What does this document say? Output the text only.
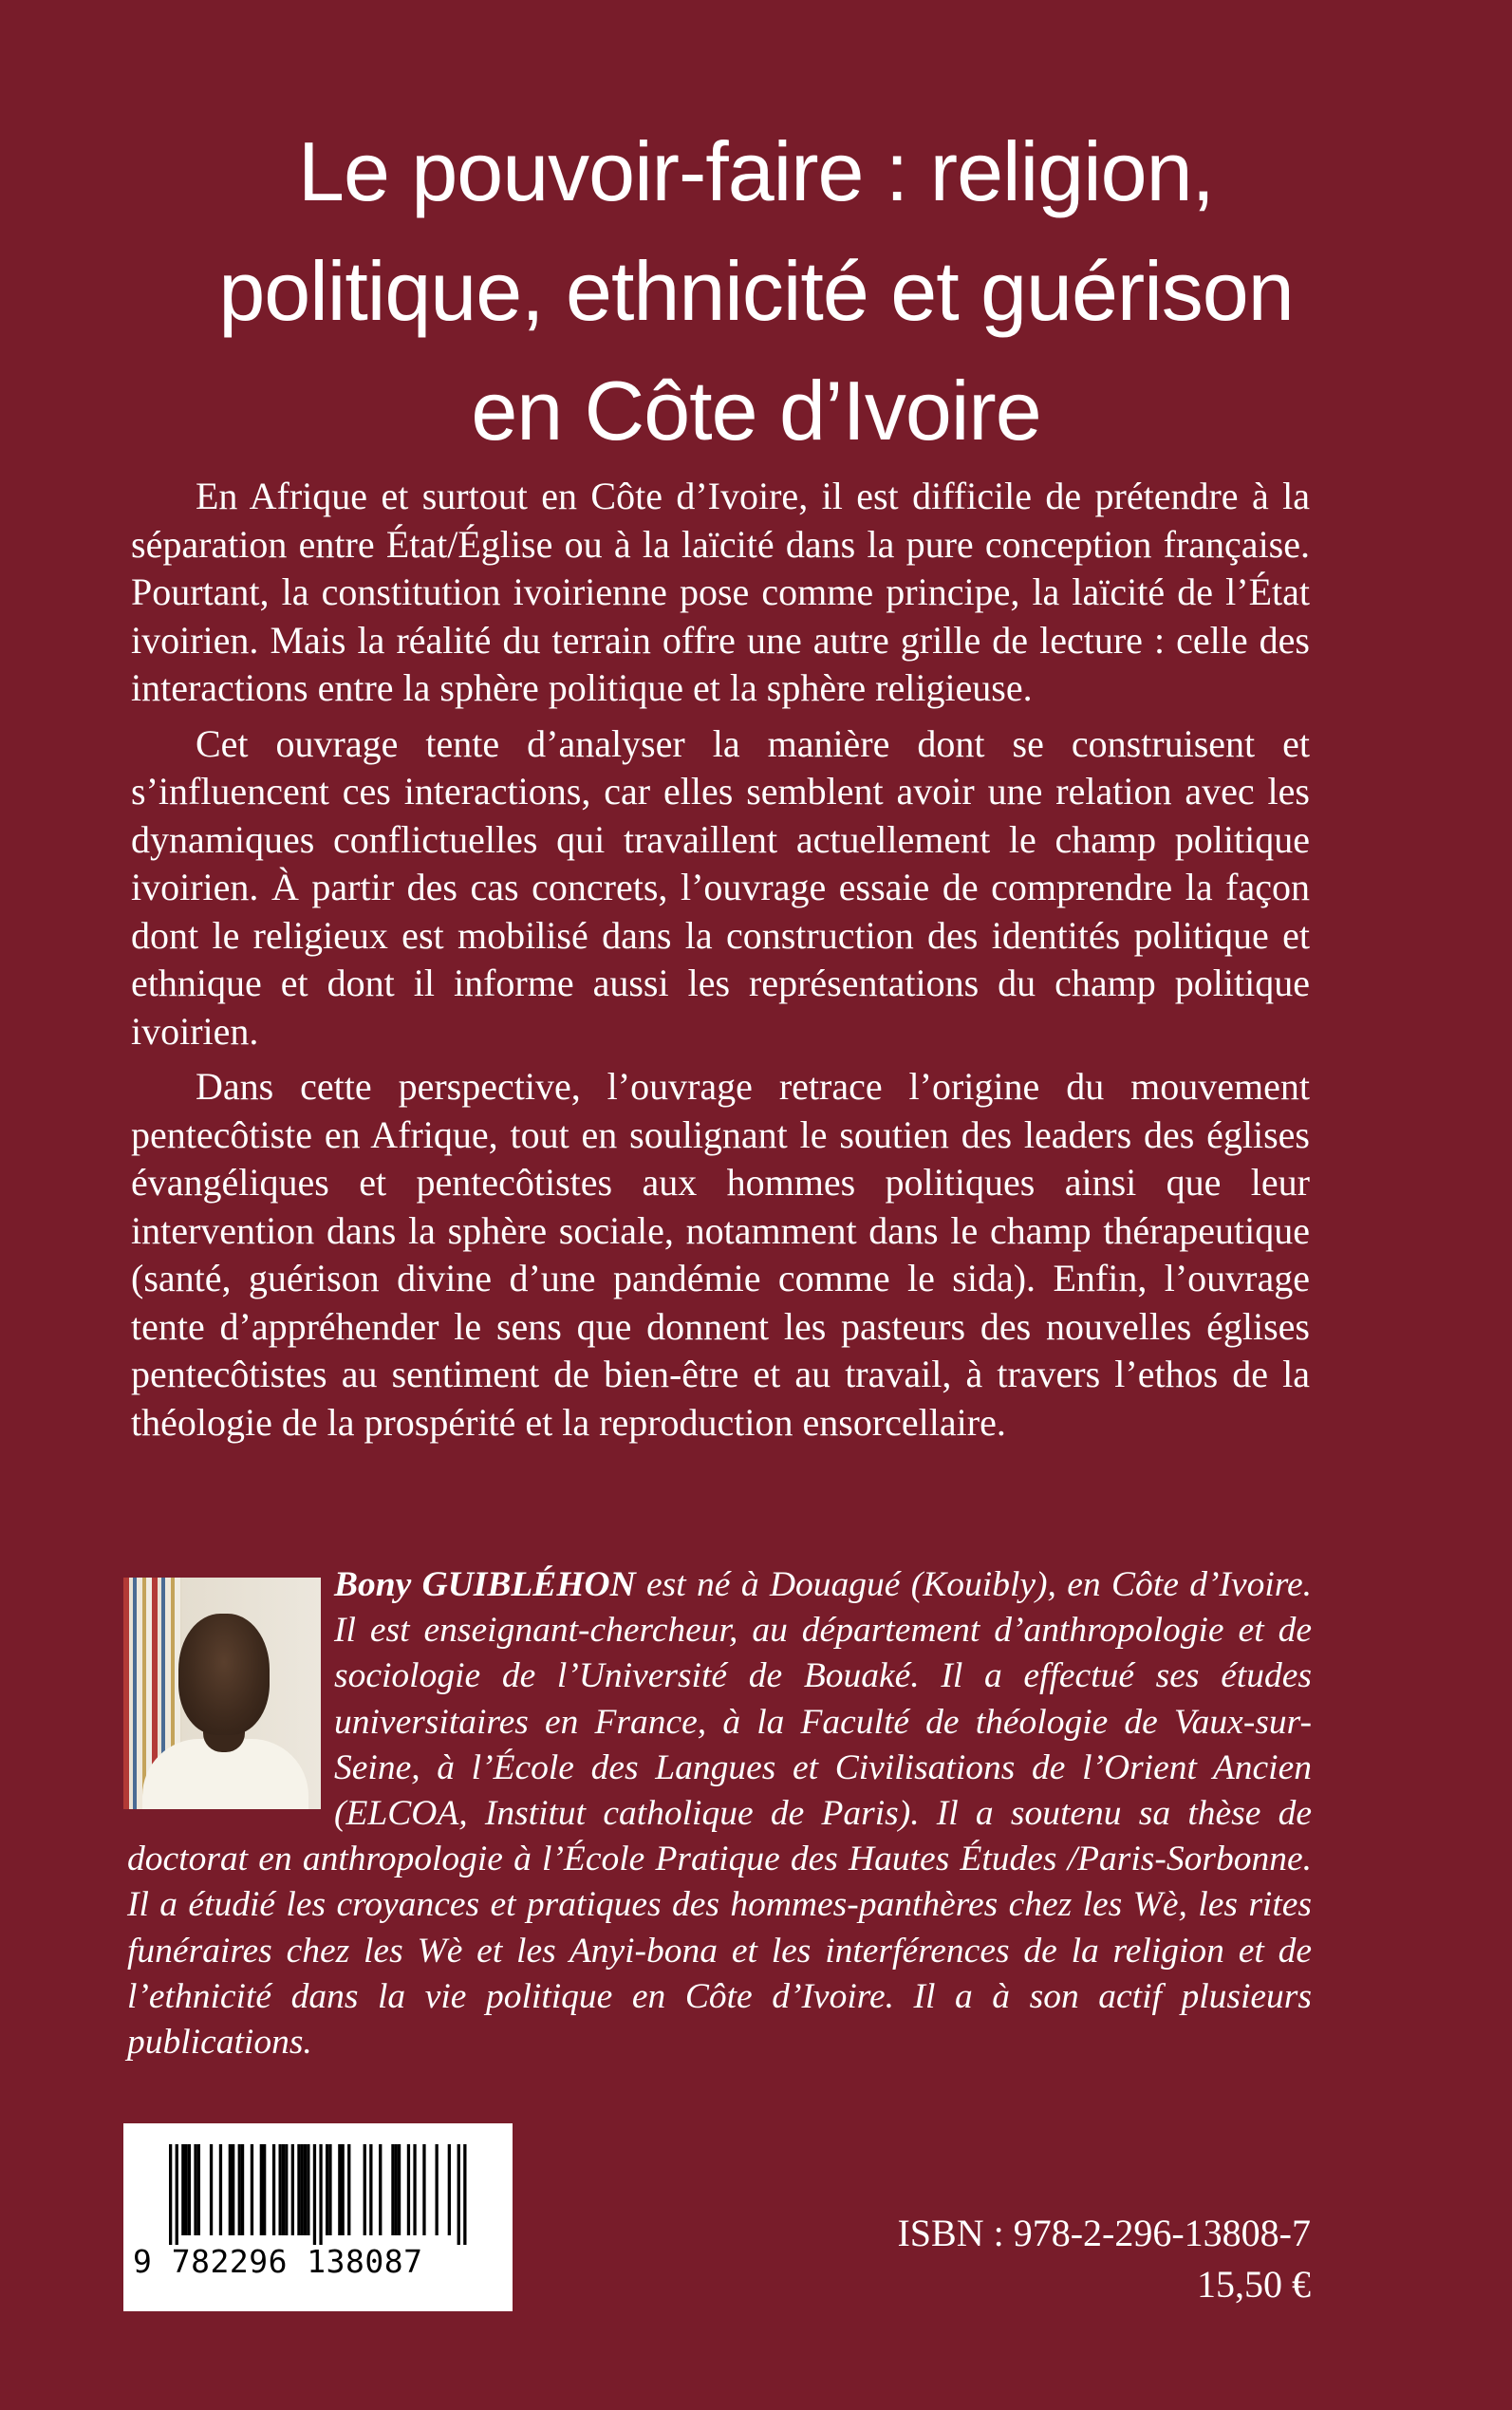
Le pouvoir-faire : religion,
politique, ethnicité et guérison
en Côte d’Ivoire

En Afrique et surtout en Côte d’Ivoire, il est difficile de prétendre à la séparation entre État/Église ou à la laïcité dans la pure conception française. Pourtant, la constitution ivoirienne pose comme principe, la laïcité de l’État ivoirien. Mais la réalité du terrain offre une autre grille de lecture : celle des interactions entre la sphère politique et la sphère religieuse.

Cet ouvrage tente d’analyser la manière dont se construisent et s’influencent ces interactions, car elles semblent avoir une relation avec les dynamiques conflictuelles qui travaillent actuellement le champ politique ivoirien. À partir des cas concrets, l’ouvrage essaie de comprendre la façon dont le religieux est mobilisé dans la construction des identités politique et ethnique et dont il informe aussi les représentations du champ politique ivoirien.

Dans cette perspective, l’ouvrage retrace l’origine du mouvement pentecôtiste en Afrique, tout en soulignant le soutien des leaders des églises évangéliques et pentecôtistes aux hommes politiques ainsi que leur intervention dans la sphère sociale, notamment dans le champ thérapeutique (santé, guérison divine d’une pandémie comme le sida). Enfin, l’ouvrage tente d’appréhender le sens que donnent les pasteurs des nouvelles églises pentecôtistes au sentiment de bien-être et au travail, à travers l’ethos de la théologie de la prospérité et la reproduction ensorcellaire.

Bony GUIBLÉHON est né à Douagué (Kouibly), en Côte d’Ivoire. Il est enseignant-chercheur, au département d’anthropologie et de sociologie de l’Université de Bouaké. Il a effectué ses études universitaires en France, à la Faculté de théologie de Vaux-sur-Seine, à l’École des Langues et Civilisations de l’Orient Ancien (ELCOA, Institut catholique de Paris). Il a soutenu sa thèse de doctorat en anthropologie à l’École Pratique des Hautes Études /Paris-Sorbonne. Il a étudié les croyances et pratiques des hommes-panthères chez les Wè, les rites funéraires chez les Wè et les Anyi-bona et les interférences de la religion et de l’ethnicité dans la vie politique en Côte d’Ivoire. Il a à son actif plusieurs publications.

9 782296 138087
ISBN : 978-2-296-13808-7
15,50 €
